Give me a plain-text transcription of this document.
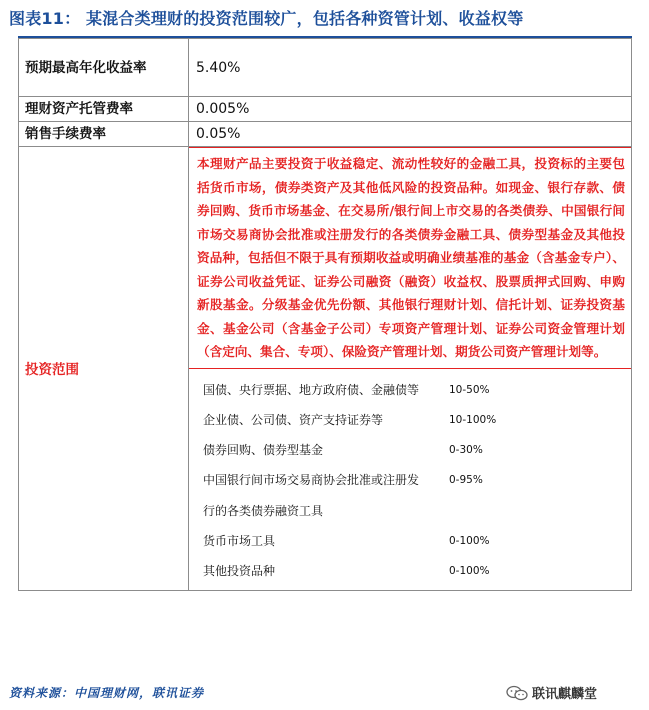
图表11： 某混合类理财的投资范围较广，包括各种资管计划、收益权等
预期最高年化收益率	5.40%
理财资产托管费率	0.005%
销售手续费率	0.05%
投资范围	
本理财产品主要投资于收益稳定、流动性较好的金融工具，投资标的主要包括货币市场，债券类资产及其他低风险的投资品种。如现金、银行存款、债券回购、货币市场基金、在交易所/银行间上市交易的各类债券、中国银行间市场交易商协会批准或注册发行的各类债券金融工具、债券型基金及其他投资品种，包括但不限于具有预期收益或明确业绩基准的基金（含基金专户）、证券公司收益凭证、证券公司融资（融资）收益权、股票质押式回购、申购新股基金。分级基金优先份额、其他银行理财计划、信托计划、证券投资基金、基金公司（含基金子公司）专项资产管理计划、证券公司资金管理计划（含定向、集合、专项）、保险资产管理计划、期货公司资产管理计划等。
国债、央行票据、地方政府债、金融债等	10-50%
企业债、公司债、资产支持证券等	10-100%
债券回购、债券型基金	0-30%
中国银行间市场交易商协会批准或注册发	0-95%
行的各类债券融资工具	
货币市场工具	0-100%
其他投资品种	0-100%
资料来源：中国理财网，联讯证券	联讯麒麟堂
